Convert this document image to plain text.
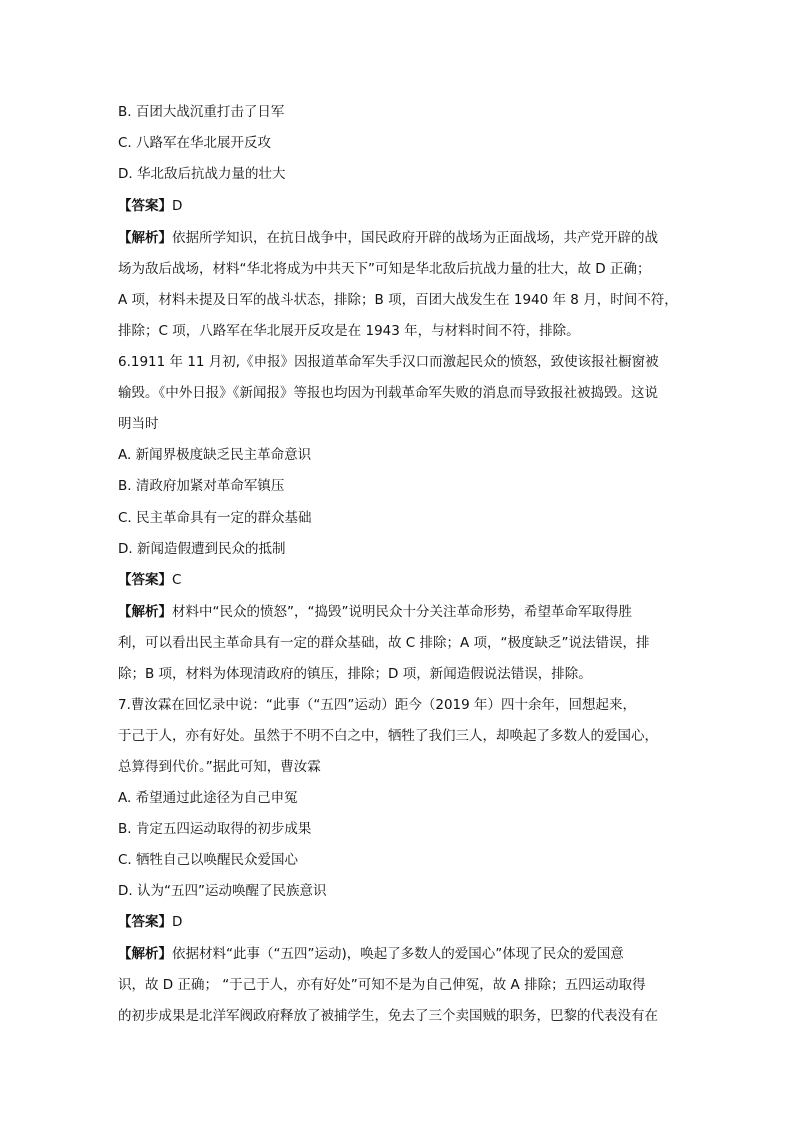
B. 百团大战沉重打击了日军
C. 八路军在华北展开反攻
D. 华北敌后抗战力量的壮大
【答案】D
【解析】依据所学知识，在抗日战争中，国民政府开辟的战场为正面战场，共产党开辟的战
场为敌后战场，材料“华北将成为中共天下”可知是华北敌后抗战力量的壮大，故 D 正确；
A 项，材料未提及日军的战斗状态，排除；B 项，百团大战发生在 1940 年 8 月，时间不符，
排除；C 项，八路军在华北展开反攻是在 1943 年，与材料时间不符，排除。
6.1911 年 11 月初,《申报》因报道革命军失手汉口而激起民众的愤怒，致使该报社橱窗被
输毁。《中外日报》《新闻报》等报也均因为刊载革命军失败的消息而导致报社被捣毁。这说
明当时
A. 新闻界极度缺乏民主革命意识
B. 清政府加紧对革命军镇压
C. 民主革命具有一定的群众基础
D. 新闻造假遭到民众的抵制
【答案】C
【解析】材料中“民众的愤怒”，“捣毁”说明民众十分关注革命形势，希望革命军取得胜
利，可以看出民主革命具有一定的群众基础，故 C 排除；A 项，“极度缺乏”说法错误，排
除；B 项，材料为体现清政府的镇压，排除；D 项，新闻造假说法错误，排除。
7.曹汝霖在回忆录中说：“此事（“五四”运动）距今（2019 年）四十余年，回想起来，
于己于人，亦有好处。虽然于不明不白之中，牺牲了我们三人，却唤起了多数人的爱国心，
总算得到代价。”据此可知，曹汝霖
A. 希望通过此途径为自己申冤
B. 肯定五四运动取得的初步成果
C. 牺牲自己以唤醒民众爱国心
D. 认为“五四”运动唤醒了民族意识
【答案】D
【解析】依据材料“此事（“五四”运动)，唤起了多数人的爱国心”体现了民众的爱国意
识，故 D 正确； “于己于人，亦有好处”可知不是为自己伸冤，故 A 排除；五四运动取得
的初步成果是北洋军阀政府释放了被捕学生，免去了三个卖国贼的职务，巴黎的代表没有在
